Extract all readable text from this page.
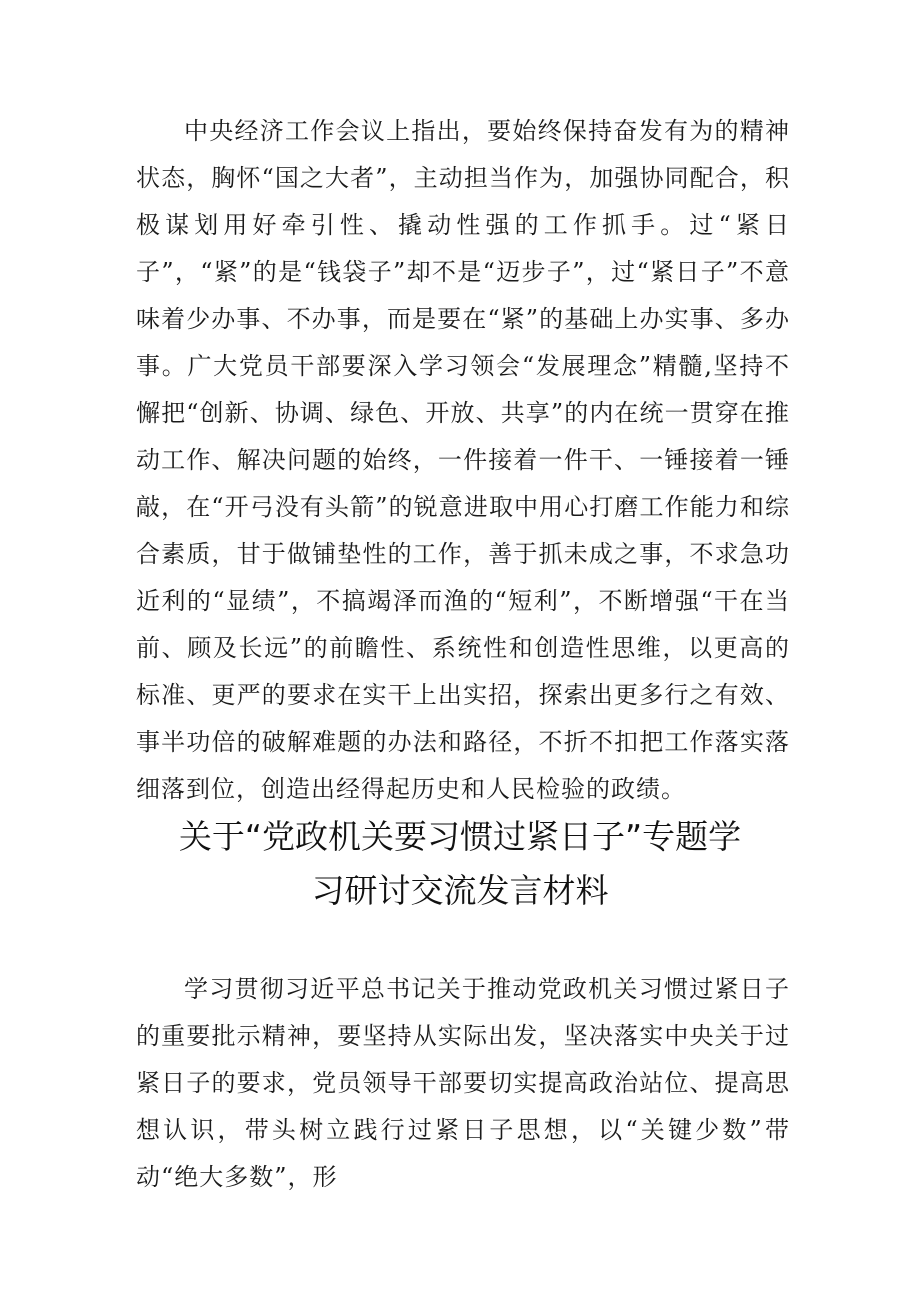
中央经济工作会议上指出，要始终保持奋发有为的精神状态，胸怀“国之大者”，主动担当作为，加强协同配合，积极谋划用好牵引性、撬动性强的工作抓手。过“紧日子”，“紧”的是“钱袋子”却不是“迈步子”，过“紧日子”不意味着少办事、不办事，而是要在“紧”的基础上办实事、多办事。广大党员干部要深入学习领会“发展理念”精髓,坚持不懈把“创新、协调、绿色、开放、共享”的内在统一贯穿在推动工作、解决问题的始终，一件接着一件干、一锤接着一锤敲，在“开弓没有头箭”的锐意进取中用心打磨工作能力和综合素质，甘于做铺垫性的工作，善于抓未成之事，不求急功近利的“显绩”，不搞竭泽而渔的“短利”，不断增强“干在当前、顾及长远”的前瞻性、系统性和创造性思维，以更高的标准、更严的要求在实干上出实招，探索出更多行之有效、事半功倍的破解难题的办法和路径，不折不扣把工作落实落细落到位，创造出经得起历史和人民检验的政绩。

关于“党政机关要习惯过紧日子”专题学
习研讨交流发言材料

学习贯彻习近平总书记关于推动党政机关习惯过紧日子的重要批示精神，要坚持从实际出发，坚决落实中央关于过紧日子的要求，党员领导干部要切实提高政治站位、提高思想认识，带头树立践行过紧日子思想，以“关键少数”带动“绝大多数”，形
